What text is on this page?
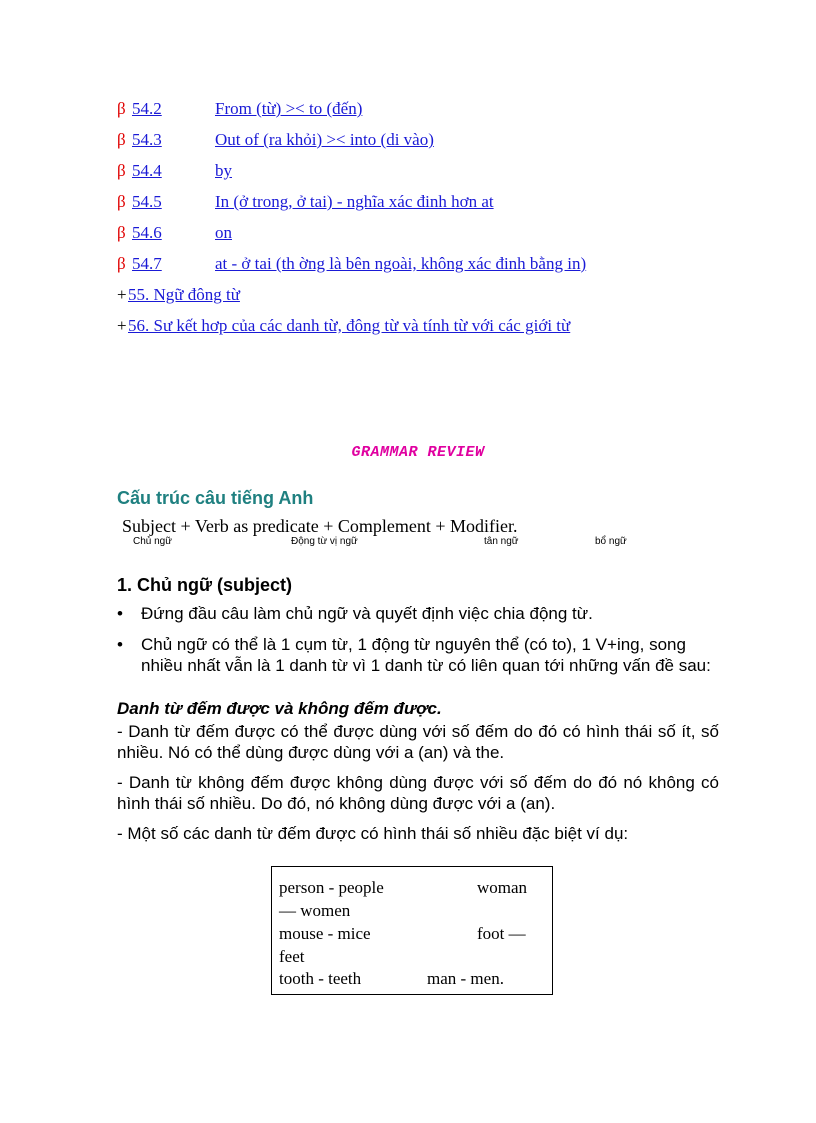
β 54.2	From (từ) >< to (đến)
β 54.3	Out of (ra khỏi) >< into (di vào)
β 54.4	by
β 54.5	In (ở trong, ở tai) - nghĩa xác đinh hơn at
β 54.6	on
β 54.7	at - ở tai (th ờng là bên ngoài, không xác đinh bằng in)
+ 55. Ngữ đông từ
+ 56. Sư kết hơp của các danh từ, đông từ và tính từ với các giới từ
GRAMMAR REVIEW
Cấu trúc câu tiếng Anh
Subject + Verb as predicate + Complement + Modifier.
Chủ ngữ	Động từ vị ngữ	tân ngữ	bổ ngữ
1. Chủ ngữ (subject)
•	Đứng đầu câu làm chủ ngữ và quyết định việc chia động từ.
•	Chủ ngữ có thể là 1 cụm từ, 1 động từ nguyên thể (có to), 1 V+ing, song nhiều nhất vẫn là 1 danh từ vì 1 danh từ có liên quan tới những vấn đề sau:
Danh từ đếm được và không đếm được.
- Danh từ đếm được có thể được dùng với số đếm do đó có hình thái số ít, số nhiều. Nó có thể dùng được dùng với a (an) và the.
- Danh từ không đếm được không dùng được với số đếm do đó nó không có hình thái số nhiều. Do đó, nó không dùng được với a (an).
- Một số các danh từ đếm được có hình thái số nhiều đặc biệt ví dụ:
person - people	woman
— women
mouse - mice	foot —
feet
tooth - teeth	man - men.
